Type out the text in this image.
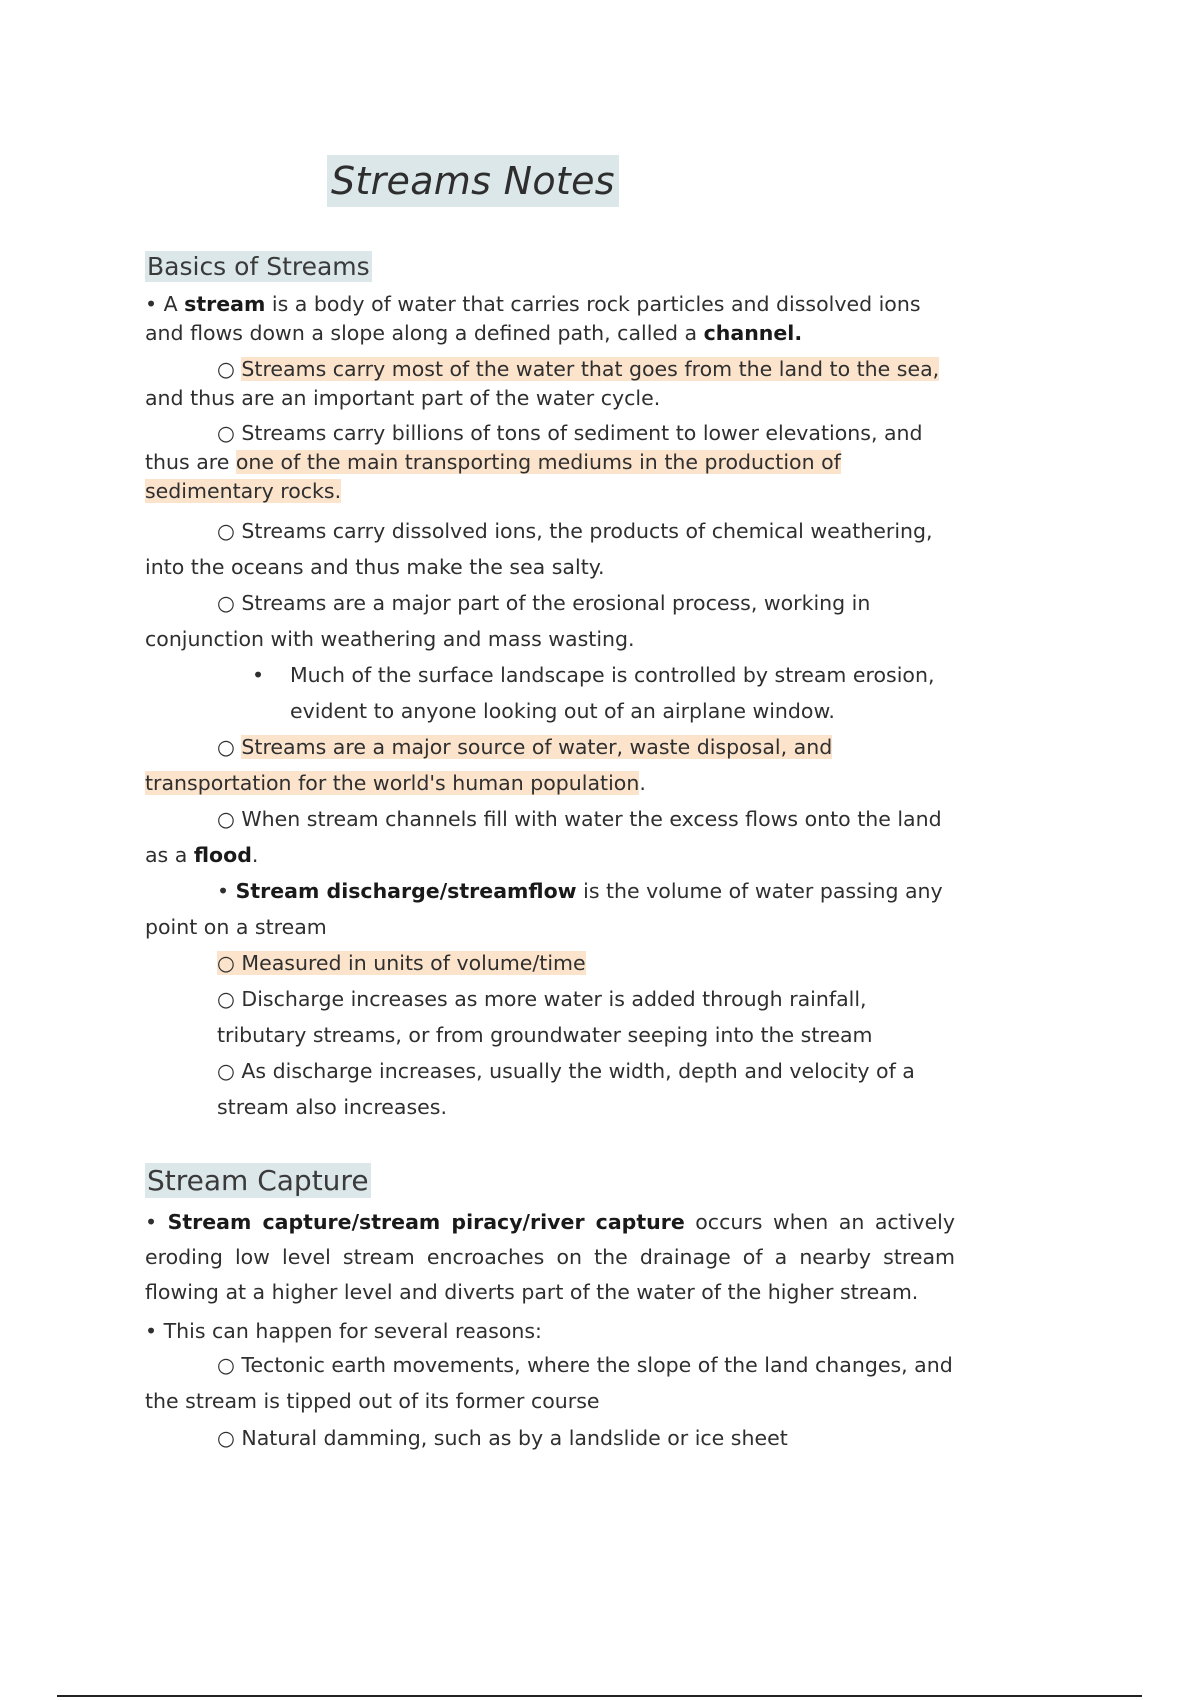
Streams Notes
Basics of Streams

• A stream is a body of water that carries rock particles and dissolved ions and flows down a slope along a defined path, called a channel.

○ Streams carry most of the water that goes from the land to the sea, and thus are an important part of the water cycle.

○ Streams carry billions of tons of sediment to lower elevations, and thus are one of the main transporting mediums in the production of sedimentary rocks.

○ Streams carry dissolved ions, the products of chemical weathering, into the oceans and thus make the sea salty.

○ Streams are a major part of the erosional process, working in conjunction with weathering and mass wasting.

•	Much of the surface landscape is controlled by stream erosion, evident to anyone looking out of an airplane window.

○ Streams are a major source of water, waste disposal, and transportation for the world's human population.

○ When stream channels fill with water the excess flows onto the land as a flood.

• Stream discharge/streamflow is the volume of water passing any point on a stream

○ Measured in units of volume/time

○ Discharge increases as more water is added through rainfall, tributary streams, or from groundwater seeping into the stream

○ As discharge increases, usually the width, depth and velocity of a stream also increases.

Stream Capture

• Stream capture/stream piracy/river capture occurs when an actively eroding low level stream encroaches on the drainage of a nearby stream flowing at a higher level and diverts part of the water of the higher stream.

• This can happen for several reasons:

○ Tectonic earth movements, where the slope of the land changes, and the stream is tipped out of its former course

○ Natural damming, such as by a landslide or ice sheet
